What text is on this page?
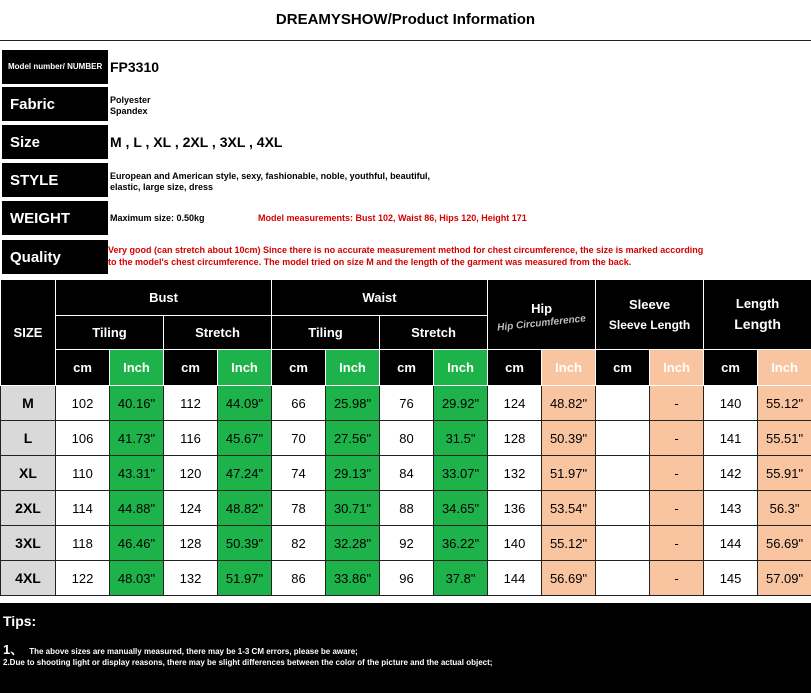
DREAMYSHOW/Product Information
Model number/ NUMBER FP3310
Fabric	Polyester
Spandex
Size	M , L , XL , 2XL , 3XL , 4XL
STYLE	European and American style, sexy, fashionable, noble, youthful, beautiful,
elastic, large size, dress
WEIGHT	Maximum size: 0.50kg	Model measurements: Bust 102, Waist 86, Hips 120, Height 171
Quality	Very good (can stretch about 10cm) Since there is no accurate measurement method for chest circumference, the size is marked according
to the model's chest circumference. The model tried on size M and the length of the garment was measured from the back.
SIZE	Bust				Waist				Hip
Hip Circumference		Sleeve
Sleeve Length		Length
Length	
	Tiling		Stretch		Tiling		Stretch							
	cm	Inch	cm	Inch	cm	Inch	cm	Inch	cm	Inch	cm	Inch	cm	Inch
M	102	40.16"	112	44.09"	66	25.98"	76	29.92"	124	48.82"		-	140	55.12"
L	106	41.73"	116	45.67"	70	27.56"	80	31.5"	128	50.39"		-	141	55.51"
XL	110	43.31"	120	47.24"	74	29.13"	84	33.07"	132	51.97"		-	142	55.91"
2XL	114	44.88"	124	48.82"	78	30.71"	88	34.65"	136	53.54"		-	143	56.3"
3XL	118	46.46"	128	50.39"	82	32.28"	92	36.22"	140	55.12"		-	144	56.69"
4XL	122	48.03"	132	51.97"	86	33.86"	96	37.8"	144	56.69"		-	145	57.09"
Tips:
1、 The above sizes are manually measured, there may be 1-3 CM errors, please be aware;
2.Due to shooting light or display reasons, there may be slight differences between the color of the picture and the actual object;
